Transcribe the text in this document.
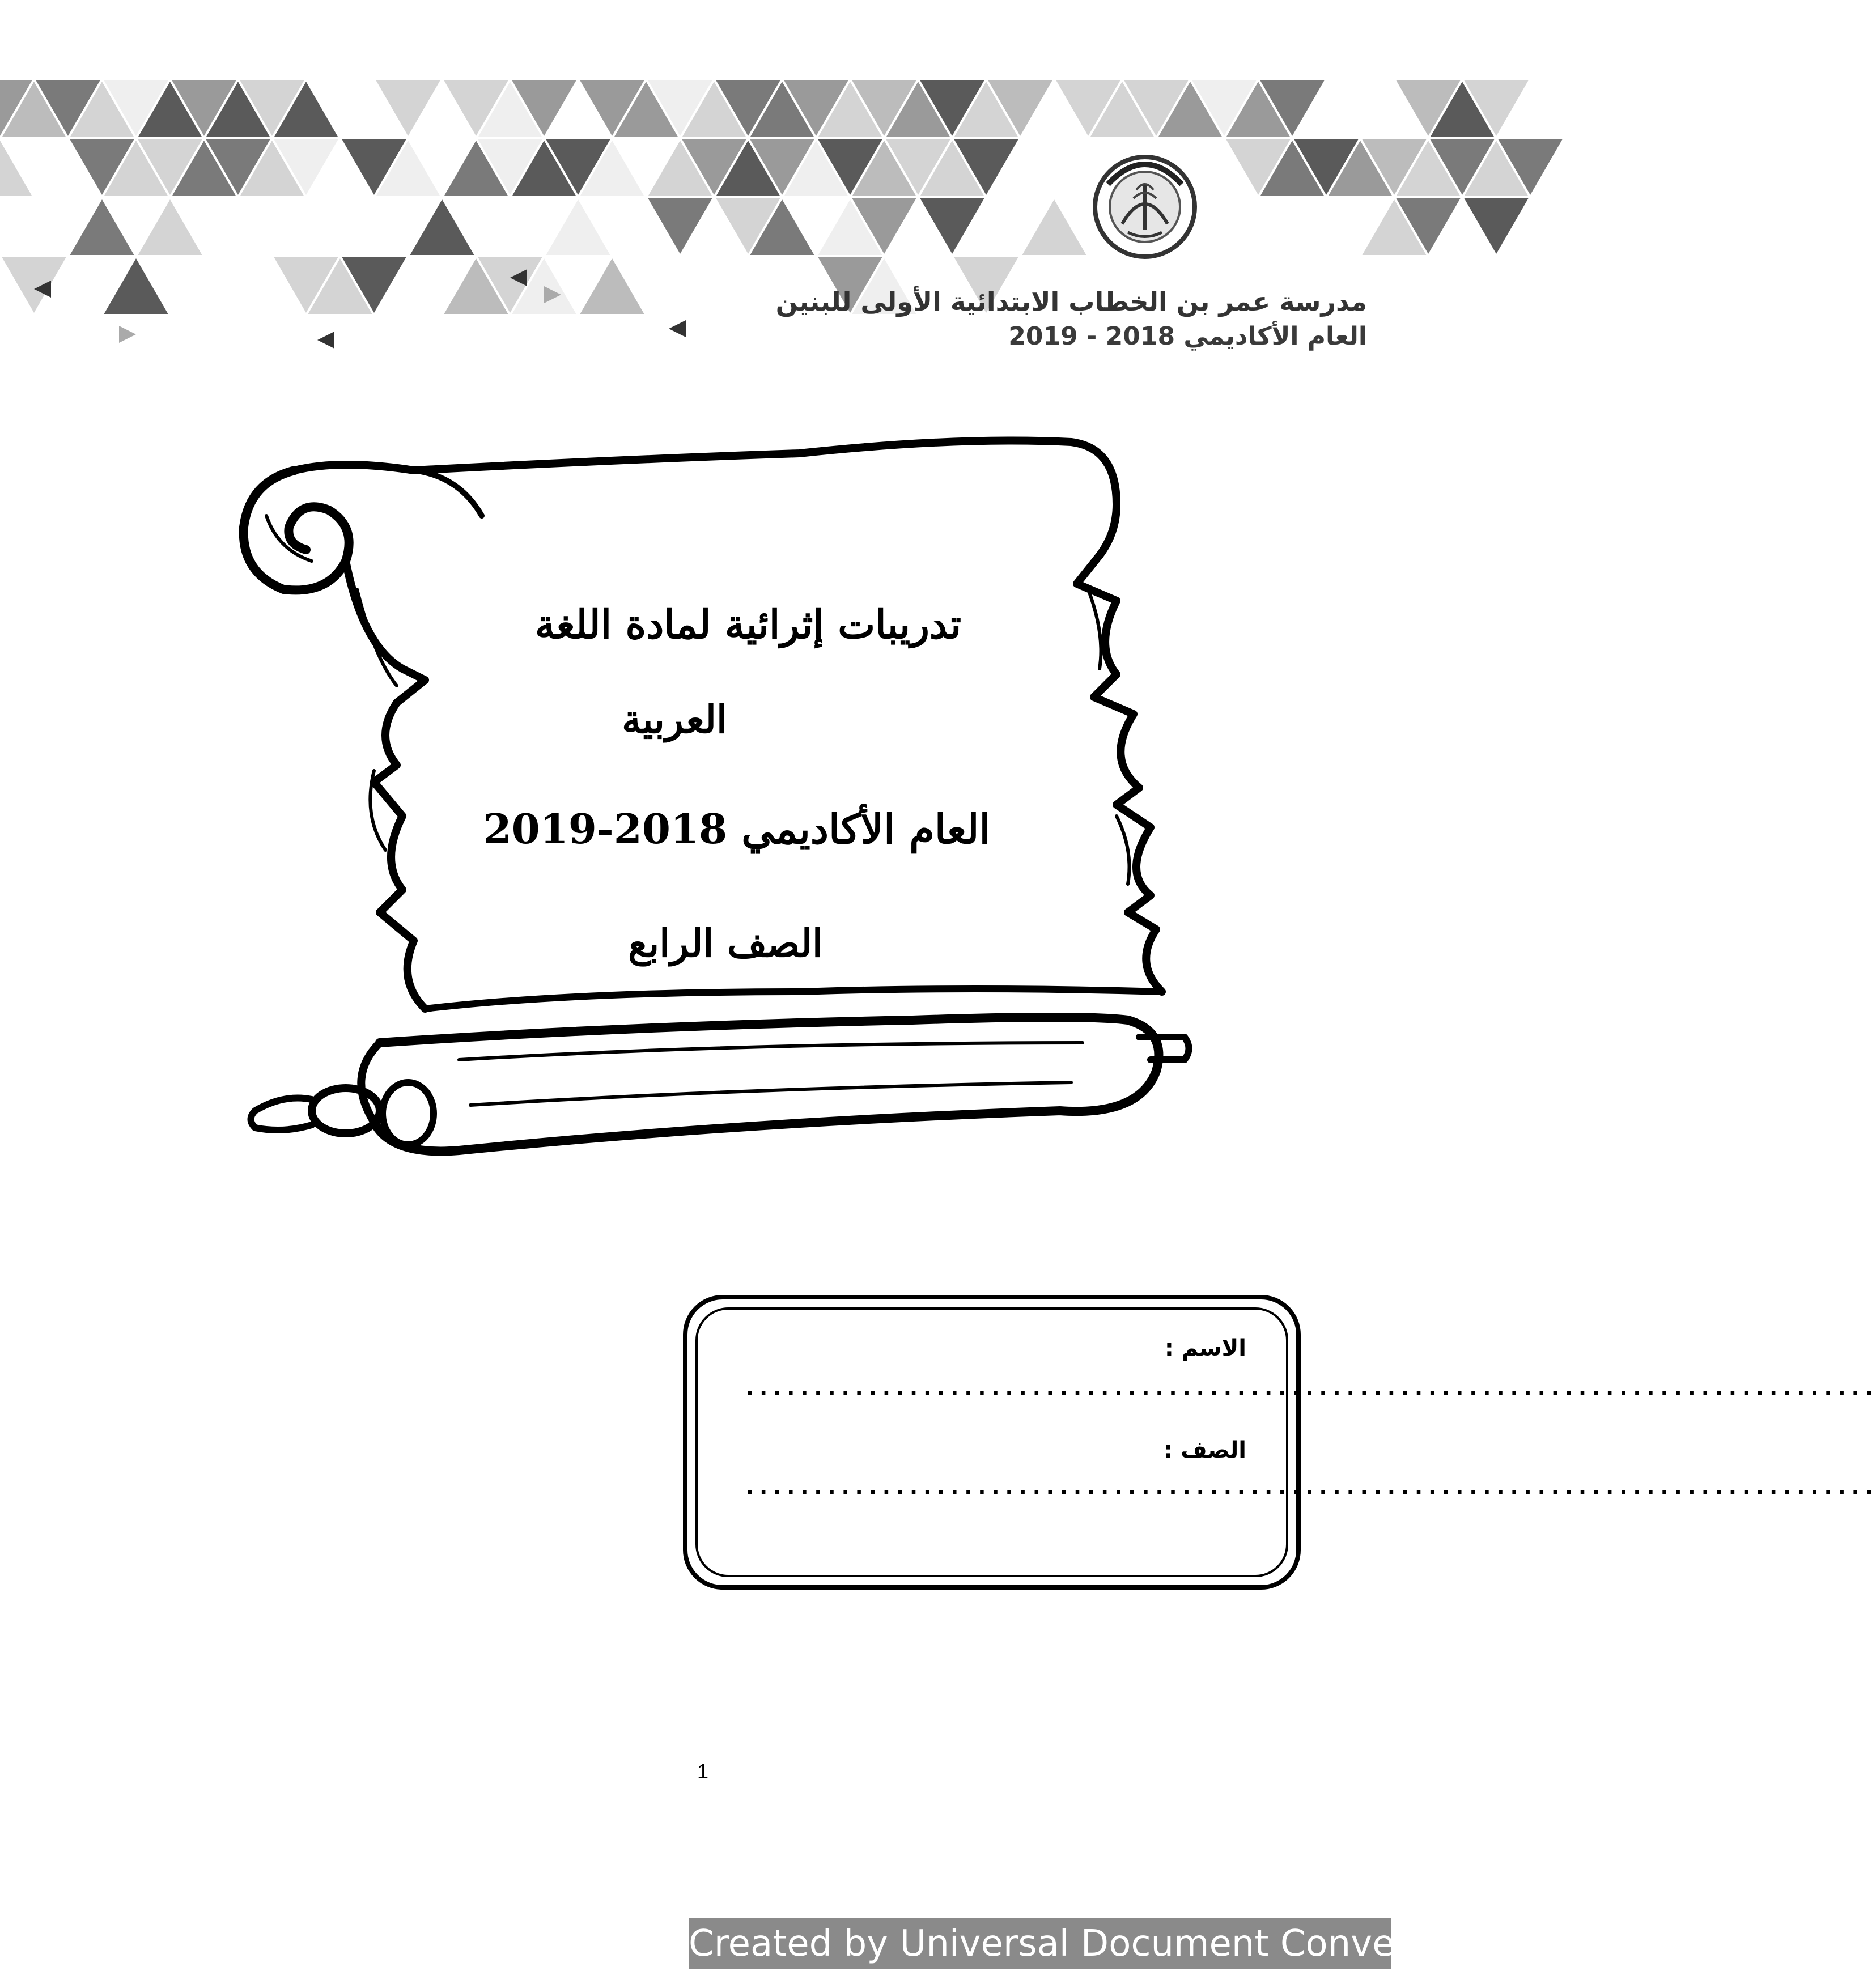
مدرسة عمر بن الخطاب الابتدائية الأولى للبنين
العام الأكاديمي 2018 - 2019
تدريبات إثرائية لمادة اللغة
العربية
العام الأكاديمي 2018-2019
الصف الرابع
الاسم :
...................................................................................
الصف :
...................................................................................
1
Created by Universal Document Converter
